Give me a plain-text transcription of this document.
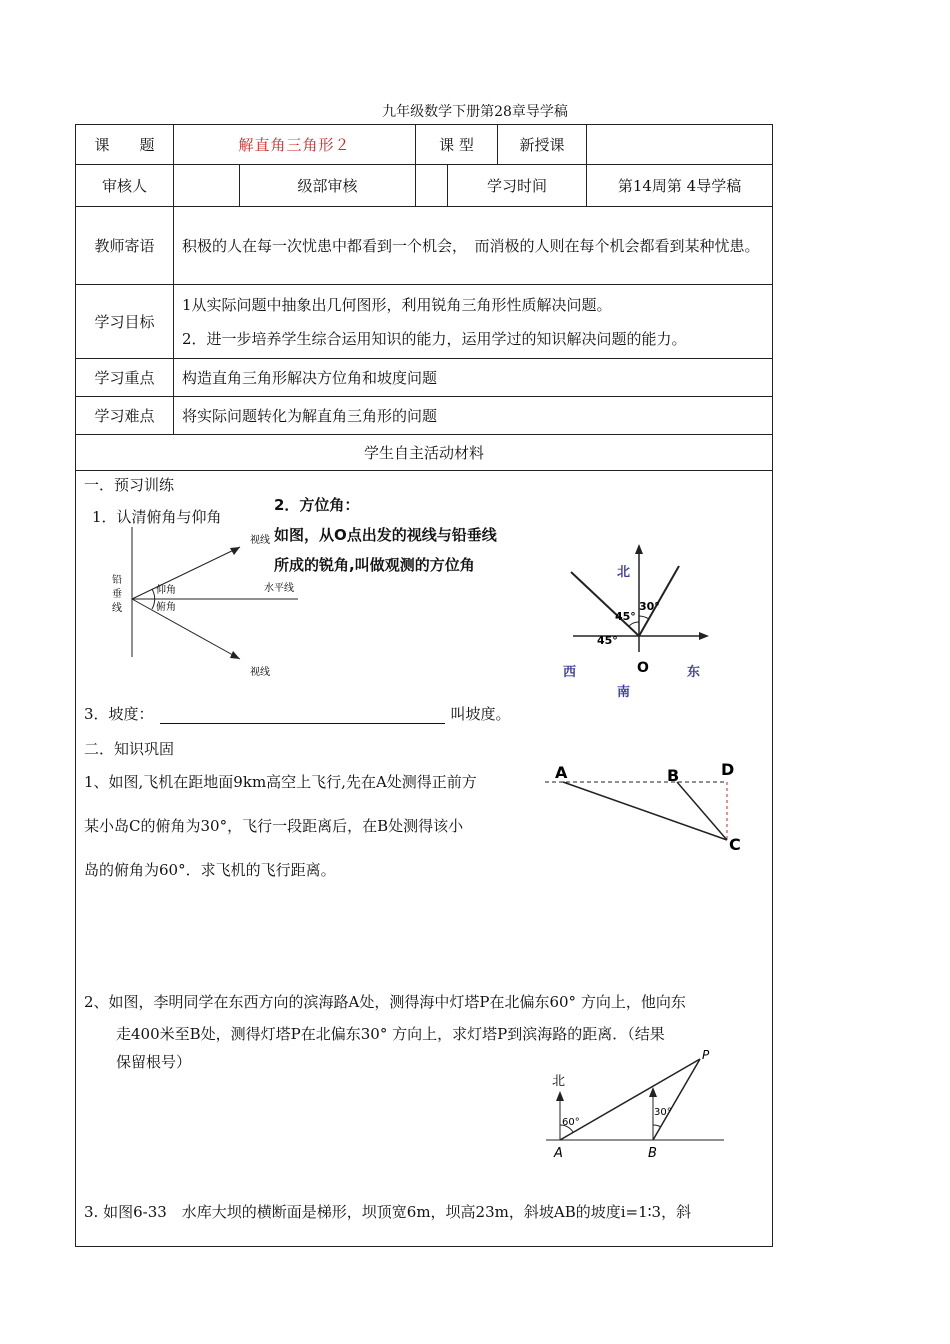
九年级数学下册第28章导学稿
课　　题	解直角三角形２		课 型		新授课	
审核人		级部审核		学习时间		第14周第 4导学稿
教师寄语	积极的人在每一次忧患中都看到一个机会，　而消极的人则在每个机会都看到某种忧患。					

学习目标	1从实际问题中抽象出几何图形，利用锐角三角形性质解决问题。

2．进一步培养学生综合运用知识的能力，运用学过的知识解决问题的能力。					

学习重点	构造直角三角形解决方位角和坡度问题					
学习难点	将实际问题转化为解直角三角形的问题					
学生自主活动材料						

一．预习训练
1．认清俯角与仰角
2．方位角：
如图，从O点出发的视线与铅垂线
所成的锐角,叫做观测的方位角
视线
视线
水平线
仰角
俯角
铅
垂
线
北
西	东
南
O
45°
30°
45°
3．坡度：	叫坡度。
二．知识巩固
1、如图,飞机在距地面9km高空上飞行,先在A处测得正前方
某小岛C的俯角为30°，飞行一段距离后，在B处测得该小
岛的俯角为60°．求飞机的飞行距离。
A	B	D
C
2、如图，李明同学在东西方向的滨海路A处，测得海中灯塔P在北偏东60° 方向上，他向东
走400米至B处，测得灯塔P在北偏东30° 方向上，求灯塔P到滨海路的距离．（结果
保留根号）
北
60°
30°
A	B
P
3. 如图6-33　水库大坝的横断面是梯形，坝顶宽6m，坝高23m，斜坡AB的坡度i=1∶3，斜
